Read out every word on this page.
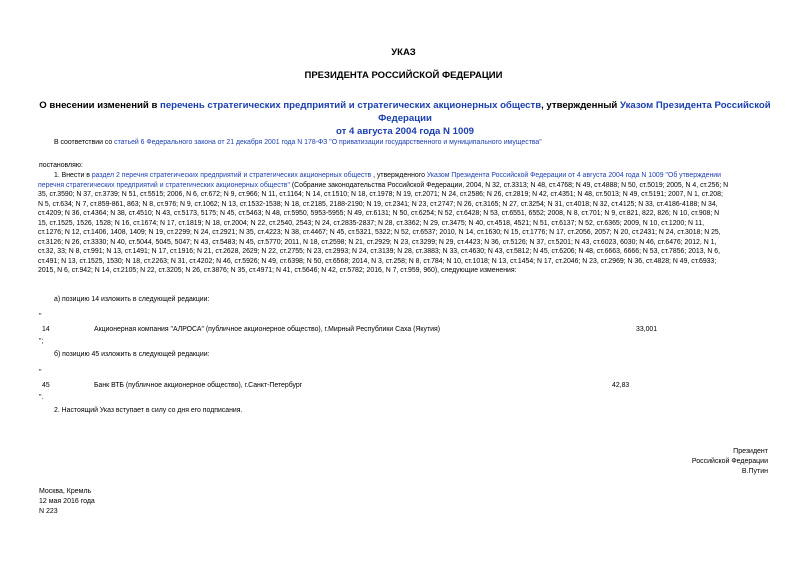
УКАЗ
ПРЕЗИДЕНТА РОССИЙСКОЙ ФЕДЕРАЦИИ
О внесении изменений в перечень стратегических предприятий и стратегических акционерных обществ, утвержденный Указом Президента Российской Федерации
от 4 августа 2004 года N 1009
В соответствии со статьей 6 Федерального закона от 21 декабря 2001 года N 178-ФЗ "О приватизации государственного и муниципального имущества"
постановляю:
1. Внести в раздел 2 перечня стратегических предприятий и стратегических акционерных обществ , утвержденного Указом Президента Российской Федерации от 4 августа 2004 года N 1009 "Об утверждении
перечня стратегических предприятий и стратегических акционерных обществ" (Собрание законодательства Российской Федерации, 2004, N 32, ст.3313; N 48, ст.4768; N 49, ст.4888; N 50, ст.5019; 2005, N 4, ст.256; N
35, ст.3590; N 37, ст.3739; N 51, ст.5515; 2006, N 6, ст.672; N 9, ст.966; N 11, ст.1164; N 14, ст.1510; N 18, ст.1978; N 19, ст.2071; N 24, ст.2586; N 26, ст.2819; N 42, ст.4351; N 48, ст.5013; N 49, ст.5191; 2007, N 1, ст.208;
N 5, ст.634; N 7, ст.859-861, 863; N 8, ст.976; N 9, ст.1062; N 13, ст.1532-1538; N 18, ст.2185, 2188-2190; N 19, ст.2341; N 23, ст.2747; N 26, ст.3165; N 27, ст.3254; N 31, ст.4018; N 32, ст.4125; N 33, ст.4186-4188; N 34,
ст.4209; N 36, ст.4364; N 38, ст.4510; N 43, ст.5173, 5175; N 45, ст.5463; N 48, ст.5950, 5953-5955; N 49, ст.6131; N 50, ст.6254; N 52, ст.6428; N 53, ст.6551, 6552; 2008, N 8, ст.701; N 9, ст.821, 822, 826; N 10, ст.908; N
15, ст.1525, 1526, 1528; N 16, ст.1674; N 17, ст.1819; N 18, ст.2004; N 22, ст.2540, 2543; N 24, ст.2835-2837; N 28, ст.3362; N 29, ст.3475; N 40, ст.4518, 4521; N 51, ст.6137; N 52, ст.6365; 2009, N 10, ст.1200; N 11,
ст.1276; N 12, ст.1406, 1408, 1409; N 19, ст.2299; N 24, ст.2921; N 35, ст.4223; N 38, ст.4467; N 45, ст.5321, 5322; N 52, ст.6537; 2010, N 14, ст.1630; N 15, ст.1776; N 17, ст.2056, 2057; N 20, ст.2431; N 24, ст.3018; N 25,
ст.3126; N 26, ст.3330; N 40, ст.5044, 5045, 5047; N 43, ст.5483; N 45, ст.5770; 2011, N 18, ст.2598; N 21, ст.2929; N 23, ст.3299; N 29, ст.4423; N 36, ст.5126; N 37, ст.5201; N 43, ст.6023, 6030; N 46, ст.6476; 2012, N 1,
ст.32, 33; N 8, ст.991; N 13, ст.1491; N 17, ст.1916; N 21, ст.2628, 2629; N 22, ст.2755; N 23, ст.2993; N 24, ст.3139; N 28, ст.3883; N 33, ст.4630; N 43, ст.5812; N 45, ст.6206; N 48, ст.6663, 6666; N 53, ст.7856; 2013, N 6,
ст.491; N 13, ст.1525, 1530; N 18, ст.2263; N 31, ст.4202; N 46, ст.5926; N 49, ст.6398; N 50, ст.6568; 2014, N 3, ст.258; N 8, ст.784; N 10, ст.1018; N 13, ст.1454; N 17, ст.2046; N 23, ст.2969; N 36, ст.4828; N 49, ст.6933;
2015, N 6, ст.942; N 14, ст.2105; N 22, ст.3205; N 26, ст.3876; N 35, ст.4971; N 41, ст.5646; N 42, ст.5782; 2016, N 7, ст.959, 960), следующие изменения:
а) позицию 14 изложить в следующей редакции:
"
14	Акционерная компания "АЛРОСА" (публичное акционерное общество), г.Мирный Республики Саха (Якутия)	33,001
";
б) позицию 45 изложить в следующей редакции:
"
45	Банк ВТБ (публичное акционерное общество), г.Санкт-Петербург	42,83
".
2. Настоящий Указ вступает в силу со дня его подписания.
Президент
Российской Федерации
В.Путин
Москва, Кремль
12 мая 2016 года
N 223
